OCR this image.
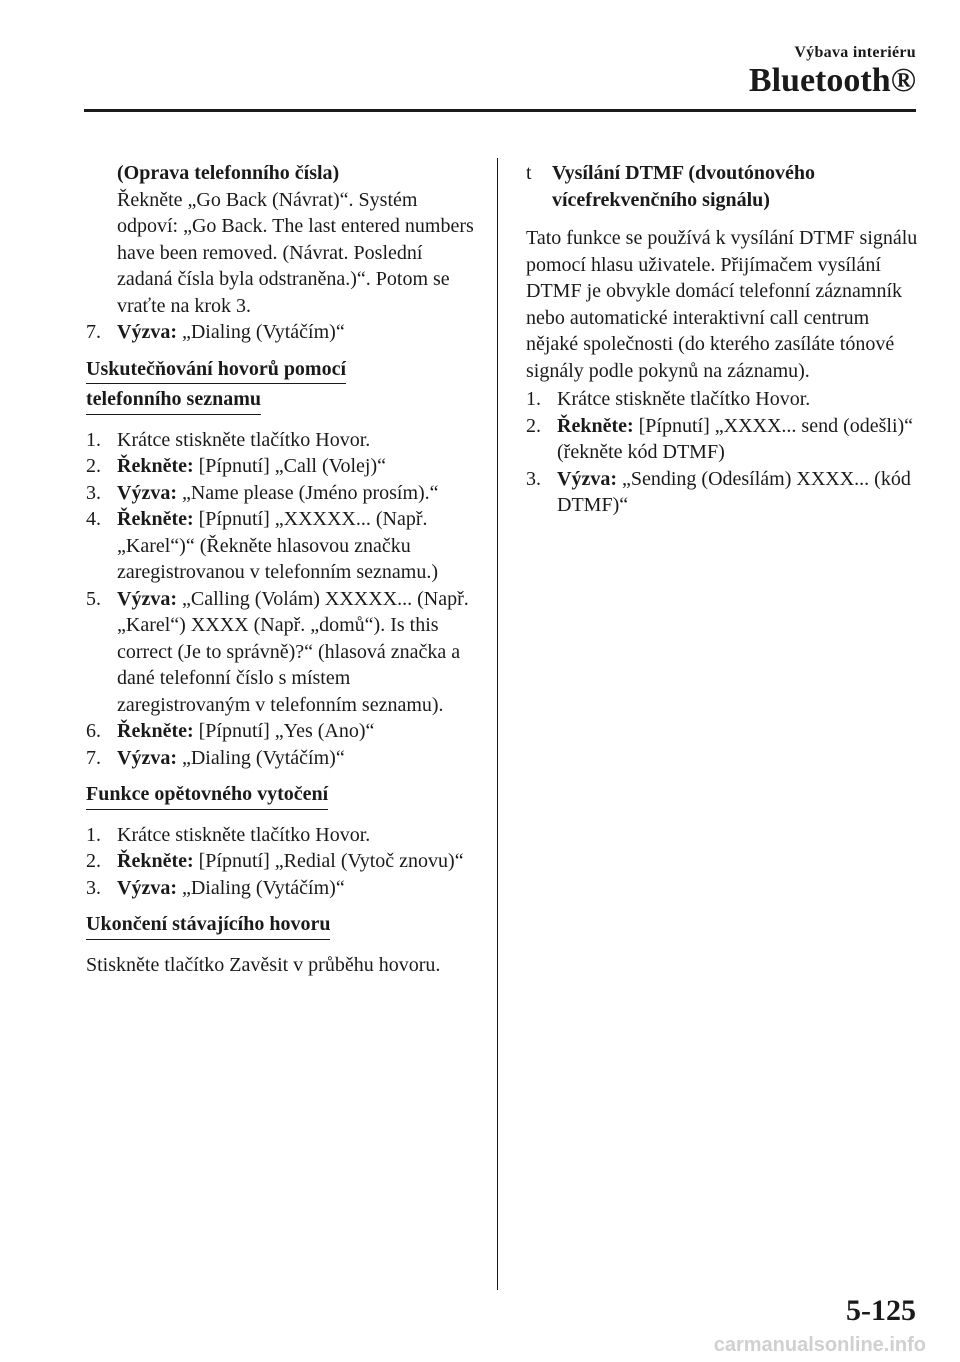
Výbava interiéru
Bluetooth®
(Oprava telefonního čísla)
Řekněte „Go Back (Návrat)“. Systém odpoví: „Go Back. The last entered numbers have been removed. (Návrat. Poslední zadaná čísla byla odstraněna.)“. Potom se vraťte na krok 3.
7. Výzva: „Dialing (Vytáčím)“
Uskutečňování hovorů pomocí
telefonního seznamu
1. Krátce stiskněte tlačítko Hovor.
2. Řekněte: [Pípnutí] „Call (Volej)“
3. Výzva: „Name please (Jméno prosím).“
4. Řekněte: [Pípnutí] „XXXXX... (Např. „Karel“)“ (Řekněte hlasovou značku zaregistrovanou v telefonním seznamu.)
5. Výzva: „Calling (Volám) XXXXX... (Např. „Karel“) XXXX (Např. „domů“). Is this correct (Je to správně)?“ (hlasová značka a dané telefonní číslo s místem zaregistrovaným v telefonním seznamu).
6. Řekněte: [Pípnutí] „Yes (Ano)“
7. Výzva: „Dialing (Vytáčím)“
Funkce opětovného vytočení
1. Krátce stiskněte tlačítko Hovor.
2. Řekněte: [Pípnutí] „Redial (Vytoč znovu)“
3. Výzva: „Dialing (Vytáčím)“
Ukončení stávajícího hovoru
Stiskněte tlačítko Zavěsit v průběhu hovoru.
t	Vysílání DTMF (dvoutónového vícefrekvenčního signálu)
Tato funkce se používá k vysílání DTMF signálu pomocí hlasu uživatele. Přijímačem vysílání DTMF je obvykle domácí telefonní záznamník nebo automatické interaktivní call centrum nějaké společnosti (do kterého zasíláte tónové signály podle pokynů na záznamu).
1. Krátce stiskněte tlačítko Hovor.
2. Řekněte: [Pípnutí] „XXXX... send (odešli)“ (řekněte kód DTMF)
3. Výzva: „Sending (Odesílám) XXXX... (kód DTMF)“
5-125
carmanualsonline.info
